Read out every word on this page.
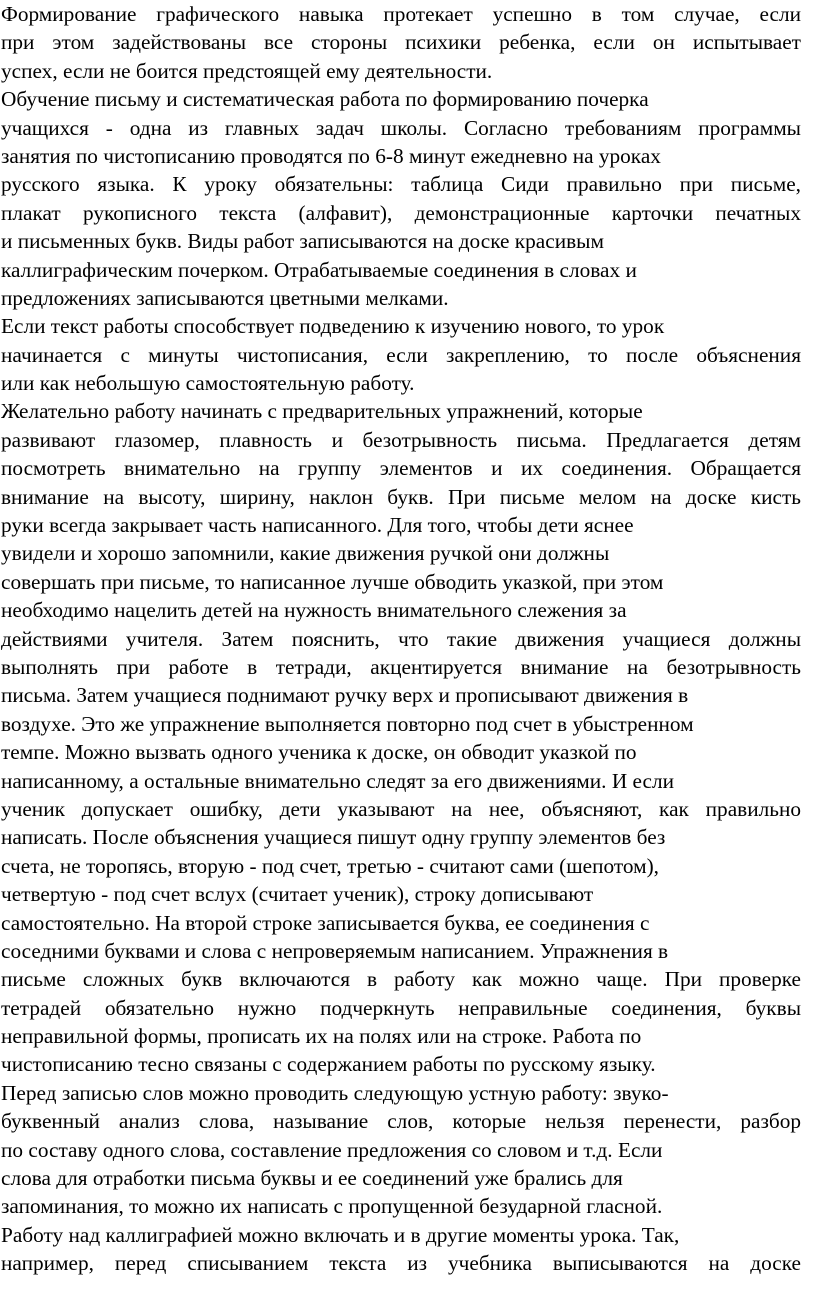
Формирование графического навыка протекает успешно в том случае, если
при этом задействованы все стороны психики ребенка, если он испытывает
успех, если не боится предстоящей ему деятельности.
Обучение письму и систематическая работа по формированию почерка
учащихся - одна из главных задач школы. Согласно требованиям программы
занятия по чистописанию проводятся по 6-8 минут ежедневно на уроках
русского языка. К уроку обязательны: таблица Сиди правильно при письме,
плакат рукописного текста (алфавит), демонстрационные карточки печатных
и письменных букв. Виды работ записываются на доске красивым
каллиграфическим почерком. Отрабатываемые соединения в словах и
предложениях записываются цветными мелками.
Если текст работы способствует подведению к изучению нового, то урок
начинается с минуты чистописания, если закреплению, то после объяснения
или как небольшую самостоятельную работу.
Желательно работу начинать с предварительных упражнений, которые
развивают глазомер, плавность и безотрывность письма. Предлагается детям
посмотреть внимательно на группу элементов и их соединения. Обращается
внимание на высоту, ширину, наклон букв. При письме мелом на доске кисть
руки всегда закрывает часть написанного. Для того, чтобы дети яснее
увидели и хорошо запомнили, какие движения ручкой они должны
совершать при письме, то написанное лучше обводить указкой, при этом
необходимо нацелить детей на нужность внимательного слежения за
действиями учителя. Затем пояснить, что такие движения учащиеся должны
выполнять при работе в тетради, акцентируется внимание на безотрывность
письма. Затем учащиеся поднимают ручку верх и прописывают движения в
воздухе. Это же упражнение выполняется повторно под счет в убыстренном
темпе. Можно вызвать одного ученика к доске, он обводит указкой по
написанному, а остальные внимательно следят за его движениями. И если
ученик допускает ошибку, дети указывают на нее, объясняют, как правильно
написать. После объяснения учащиеся пишут одну группу элементов без
счета, не торопясь, вторую - под счет, третью - считают сами (шепотом),
четвертую - под счет вслух (считает ученик), строку дописывают
самостоятельно. На второй строке записывается буква, ее соединения с
соседними буквами и слова с непроверяемым написанием. Упражнения в
письме сложных букв включаются в работу как можно чаще. При проверке
тетрадей обязательно нужно подчеркнуть неправильные соединения, буквы
неправильной формы, прописать их на полях или на строке. Работа по
чистописанию тесно связаны с содержанием работы по русскому языку.
Перед записью слов можно проводить следующую устную работу: звуко-
буквенный анализ слова, называние слов, которые нельзя перенести, разбор
по составу одного слова, составление предложения со словом и т.д. Если
слова для отработки письма буквы и ее соединений уже брались для
запоминания, то можно их написать с пропущенной безударной гласной.
Работу над каллиграфией можно включать и в другие моменты урока. Так,
например, перед списыванием текста из учебника выписываются на доске
